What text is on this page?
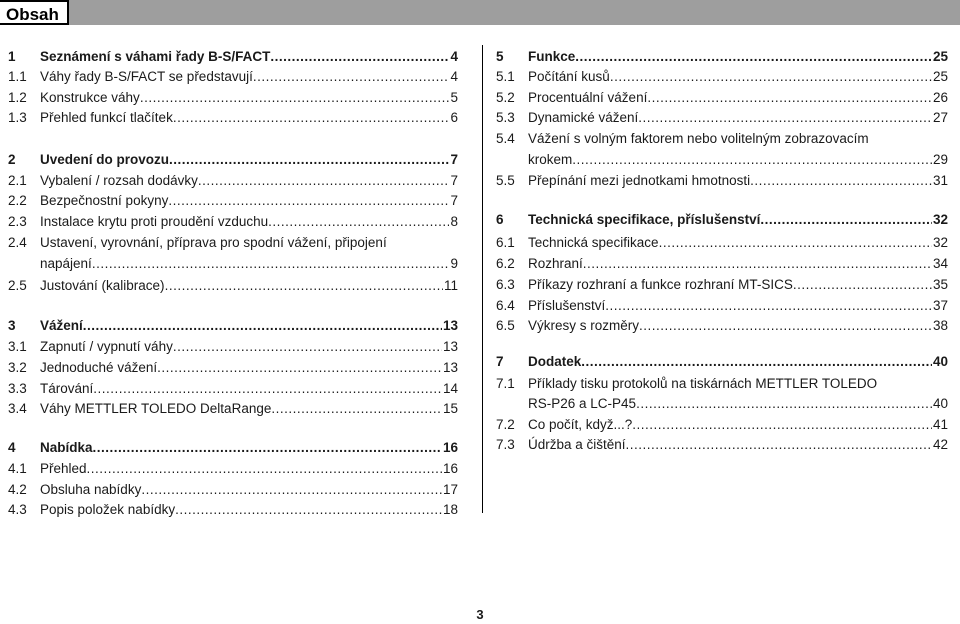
Obsah
1	Seznámení s váhami řady B-S/FACT .....	4
1.1 Váhy řady B-S/FACT se představují .....	4
1.2 Konstrukce váhy .....	5
1.3 Přehled funkcí tlačítek .....	6
2	Uvedení do provozu .....	7
2.1 Vybalení / rozsah dodávky .....	7
2.2 Bezpečnostní pokyny .....	7
2.3 Instalace krytu proti proudění vzduchu .....	8
2.4 Ustavení, vyrovnání, příprava pro spodní vážení, připojení
napájení .....	9
2.5 Justování (kalibrace) .....	11
3	Vážení .....	13
3.1 Zapnutí / vypnutí váhy .....	13
3.2 Jednoduché vážení .....	13
3.3 Tárování .....	14
3.4 Váhy METTLER TOLEDO DeltaRange .....	15
4	Nabídka .....	16
4.1 Přehled .....	16
4.2 Obsluha nabídky .....	17
4.3 Popis položek nabídky .....	18
5	Funkce .....	25
5.1 Počítání kusů .....	25
5.2 Procentuální vážení .....	26
5.3 Dynamické vážení .....	27
5.4 Vážení s volným faktorem nebo volitelným zobrazovacím
krokem .....	29
5.5 Přepínání mezi jednotkami hmotnosti .....	31
6	Technická specifikace, příslušenství .....	32
6.1 Technická specifikace .....	32
6.2 Rozhraní .....	34
6.3 Příkazy rozhraní a funkce rozhraní MT-SICS .....	35
6.4 Příslušenství .....	37
6.5 Výkresy s rozměry .....	38
7	Dodatek .....	40
7.1 Příklady tisku protokolů na tiskárnách METTLER TOLEDO
RS-P26 a LC-P45 .....	40
7.2 Co počít, když...? .....	41
7.3 Údržba a čištění .....	42
3
